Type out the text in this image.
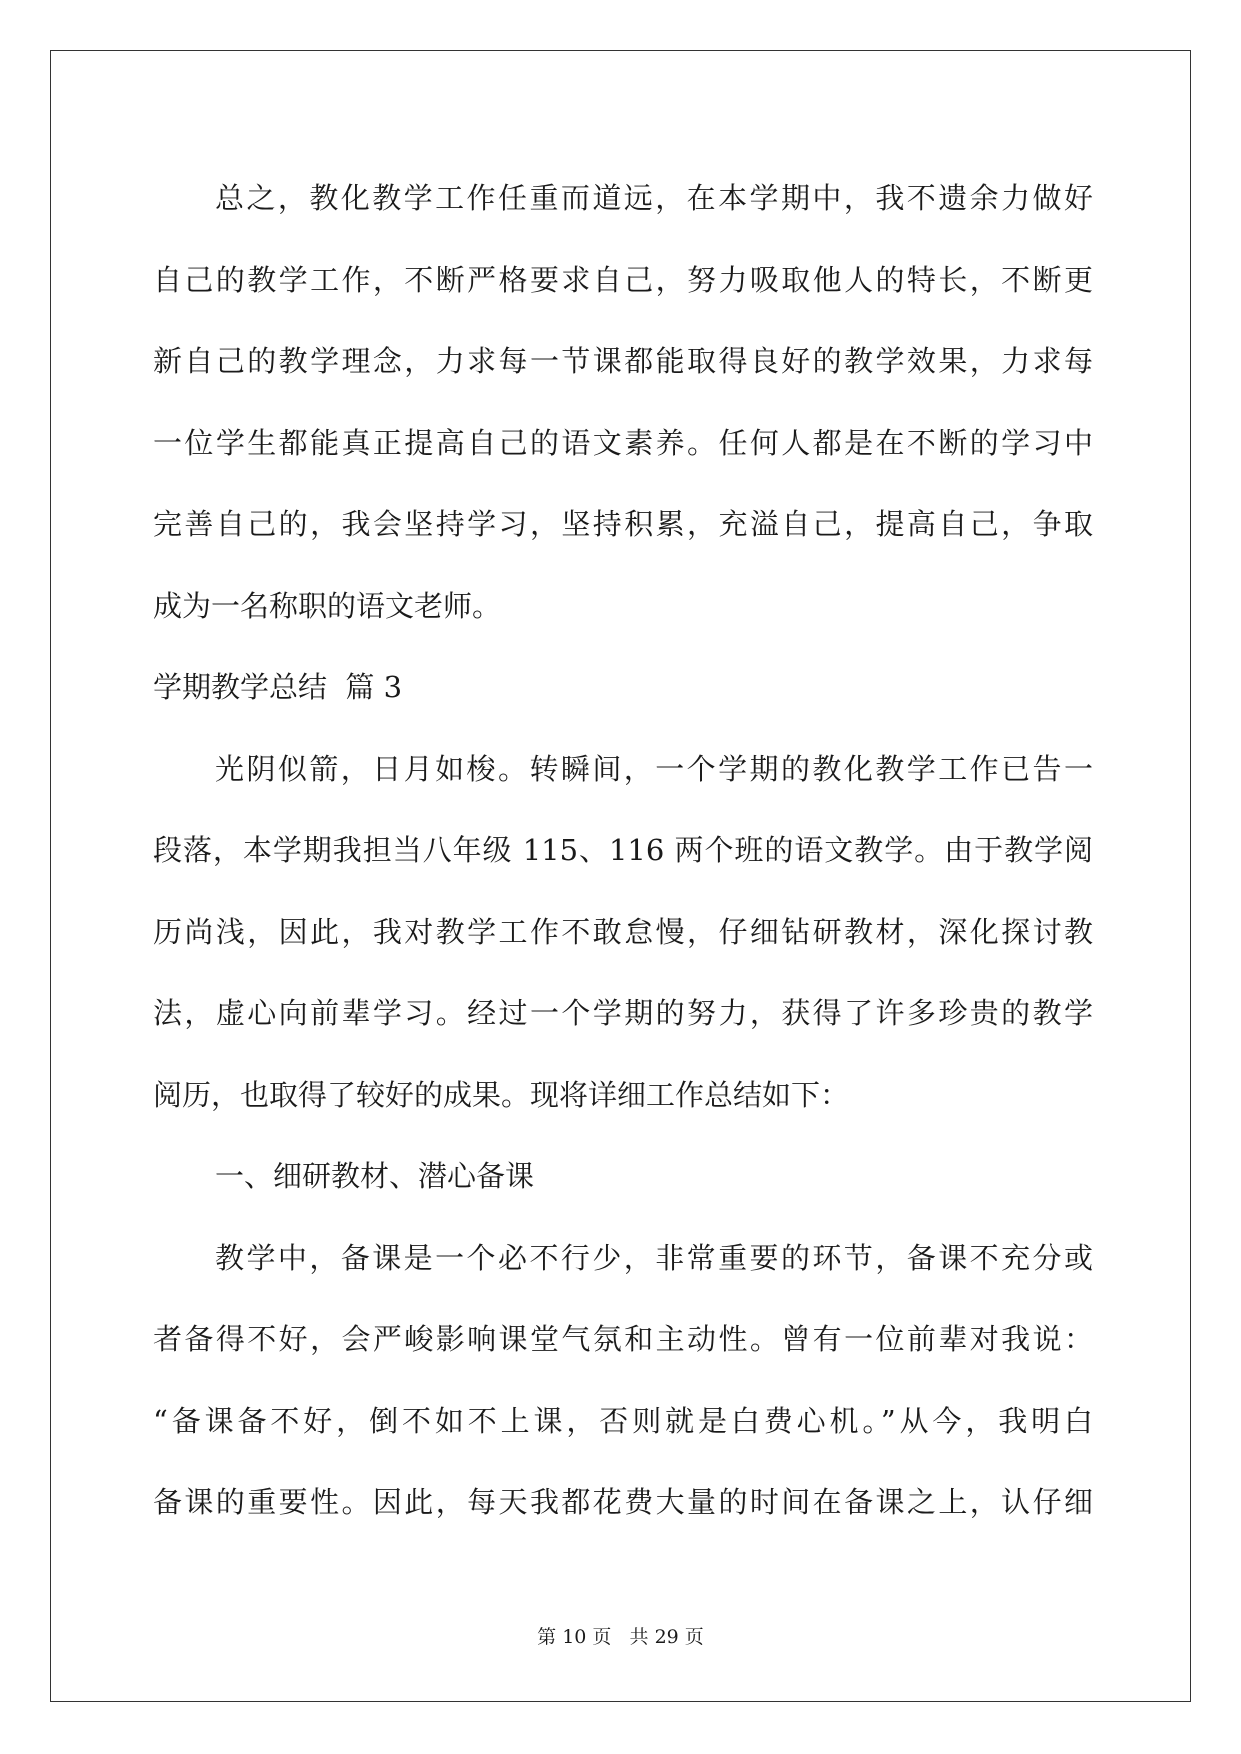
总之，教化教学工作任重而道远，在本学期中，我不遗余力做好
自己的教学工作，不断严格要求自己，努力吸取他人的特长，不断更
新自己的教学理念，力求每一节课都能取得良好的教学效果，力求每
一位学生都能真正提高自己的语文素养。任何人都是在不断的学习中
完善自己的，我会坚持学习，坚持积累，充溢自己，提高自己，争取
成为一名称职的语文老师。
学期教学总结  篇 3
光阴似箭，日月如梭。转瞬间，一个学期的教化教学工作已告一
段落，本学期我担当八年级 115、116 两个班的语文教学。由于教学阅
历尚浅，因此，我对教学工作不敢怠慢，仔细钻研教材，深化探讨教
法，虚心向前辈学习。经过一个学期的努力，获得了许多珍贵的教学
阅历，也取得了较好的成果。现将详细工作总结如下：
一、细研教材、潜心备课
教学中，备课是一个必不行少，非常重要的环节，备课不充分或
者备得不好，会严峻影响课堂气氛和主动性。曾有一位前辈对我说：
“备课备不好，倒不如不上课，否则就是白费心机。”从今，我明白
备课的重要性。因此，每天我都花费大量的时间在备课之上，认仔细
第 10 页   共 29 页
